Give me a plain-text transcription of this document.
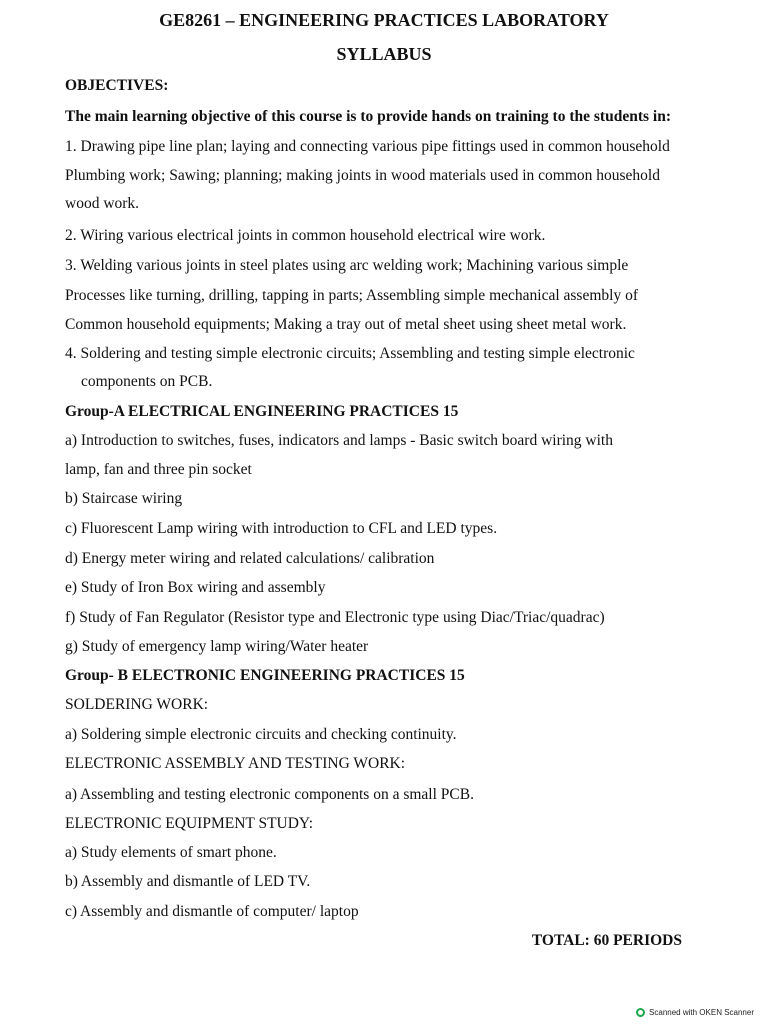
GE8261 – ENGINEERING PRACTICES LABORATORY
SYLLABUS
OBJECTIVES:
The main learning objective of this course is to provide hands on training to the students in:
1. Drawing pipe line plan; laying and connecting various pipe fittings used in common household
Plumbing work; Sawing; planning; making joints in wood materials used in common household
wood work.
2. Wiring various electrical joints in common household electrical wire work.
3. Welding various joints in steel plates using arc welding work; Machining various simple
Processes like turning, drilling, tapping in parts; Assembling simple mechanical assembly of
Common household equipments; Making a tray out of metal sheet using sheet metal work.
4. Soldering and testing simple electronic circuits; Assembling and testing simple electronic
components on PCB.
Group-A ELECTRICAL ENGINEERING PRACTICES 15
a) Introduction to switches, fuses, indicators and lamps - Basic switch board wiring with
lamp, fan and three pin socket
b) Staircase wiring
c) Fluorescent Lamp wiring with introduction to CFL and LED types.
d) Energy meter wiring and related calculations/ calibration
e) Study of Iron Box wiring and assembly
f) Study of Fan Regulator (Resistor type and Electronic type using Diac/Triac/quadrac)
g) Study of emergency lamp wiring/Water heater
Group- B ELECTRONIC ENGINEERING PRACTICES 15
SOLDERING WORK:
a) Soldering simple electronic circuits and checking continuity.
ELECTRONIC ASSEMBLY AND TESTING WORK:
a) Assembling and testing electronic components on a small PCB.
ELECTRONIC EQUIPMENT STUDY:
a) Study elements of smart phone.
b) Assembly and dismantle of LED TV.
c) Assembly and dismantle of computer/ laptop
TOTAL: 60 PERIODS
Scanned with OKEN Scanner
